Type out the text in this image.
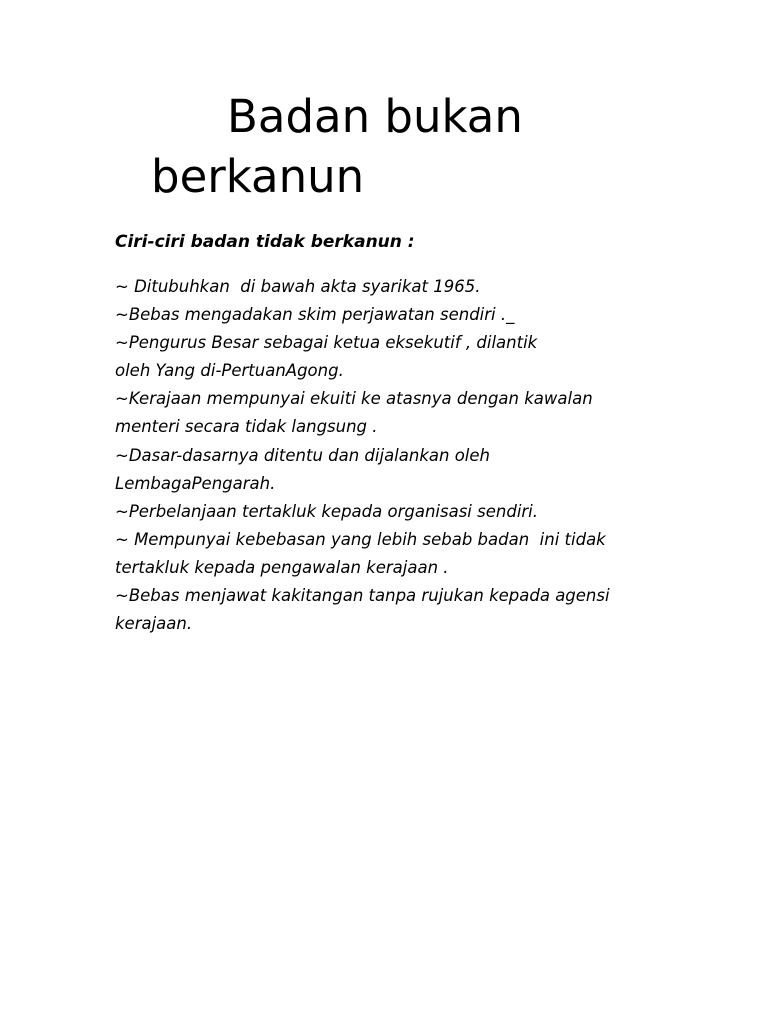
Badan bukan
berkanun
Ciri-ciri badan tidak berkanun :
~ Ditubuhkan  di bawah akta syarikat 1965.
~Bebas mengadakan skim perjawatan sendiri ._
~Pengurus Besar sebagai ketua eksekutif , dilantik
oleh Yang di-PertuanAgong.
~Kerajaan mempunyai ekuiti ke atasnya dengan kawalan
menteri secara tidak langsung .
~Dasar-dasarnya ditentu dan dijalankan oleh
LembagaPengarah.
~Perbelanjaan tertakluk kepada organisasi sendiri.
~ Mempunyai kebebasan yang lebih sebab badan  ini tidak
tertakluk kepada pengawalan kerajaan .
~Bebas menjawat kakitangan tanpa rujukan kepada agensi
kerajaan.
